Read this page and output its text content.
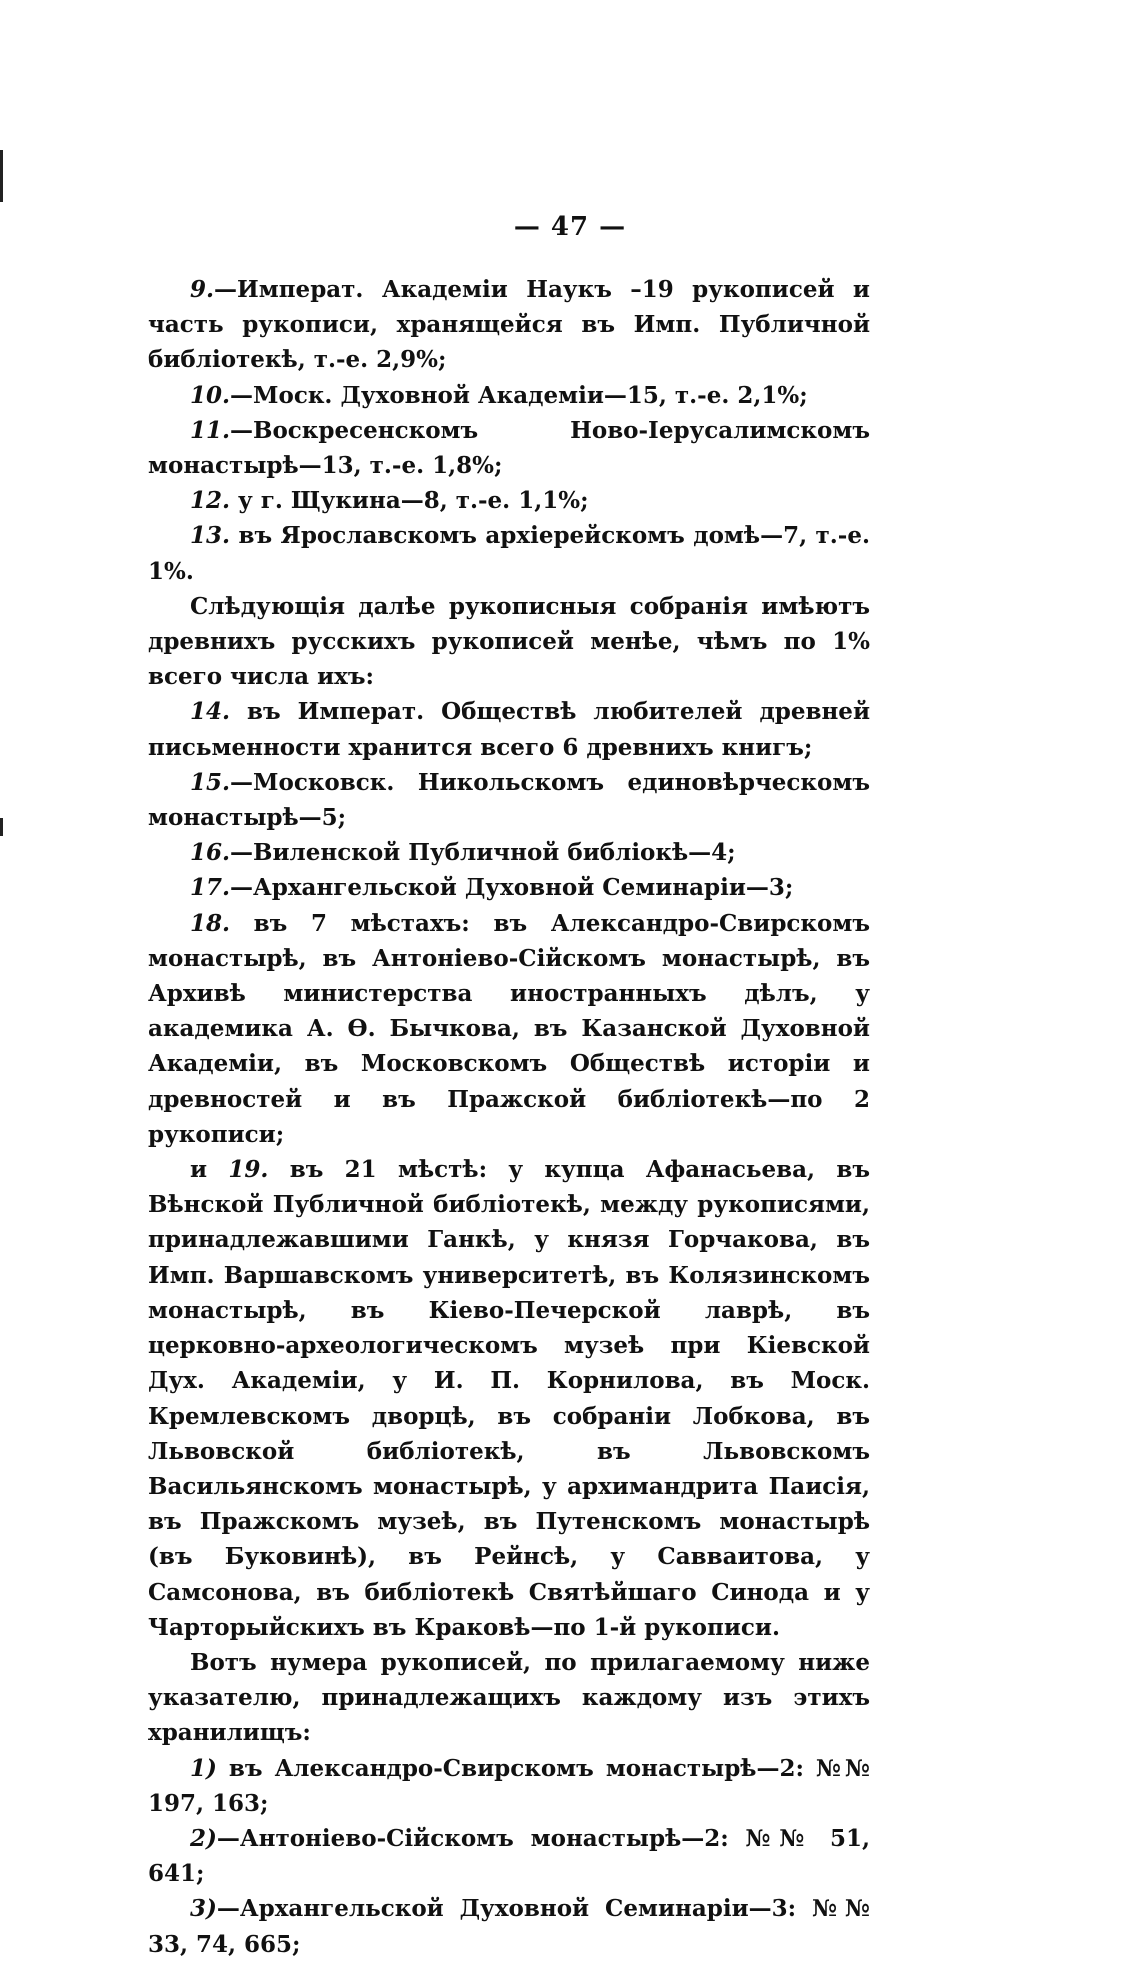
— 47 —

9.—Императ. Академіи Наукъ –19 рукописей и часть рукописи, хранящейся въ Имп. Публичной библіотекѣ, т.-е. 2,9%;

10.—Моск. Духовной Академіи—15, т.-е. 2,1%;

11.—Воскресенскомъ Ново-Іерусалимскомъ монастырѣ—13, т.-е. 1,8%;

12. у г. Щукина—8, т.-е. 1,1%;

13. въ Ярославскомъ архіерейскомъ домѣ—7, т.-е. 1%.

Слѣдующія далѣе рукописныя собранія имѣютъ древнихъ русскихъ рукописей менѣе, чѣмъ по 1% всего числа ихъ:

14. въ Императ. Обществѣ любителей древней письменности хранится всего 6 древнихъ книгъ;

15.—Московск. Никольскомъ единовѣрческомъ монастырѣ—5;

16.—Виленской Публичной библіокѣ—4;

17.—Архангельской Духовной Семинаріи—3;

18. въ 7 мѣстахъ: въ Александро-Свирскомъ монастырѣ, въ Антоніево-Сійскомъ монастырѣ, въ Архивѣ министерства иностранныхъ дѣлъ, у академика А. Ѳ. Бычкова, въ Казанской Духовной Академіи, въ Московскомъ Обществѣ исторіи и древностей и въ Пражской библіотекѣ—по 2 рукописи;

и 19. въ 21 мѣстѣ: у купца Афанасьева, въ Вѣнской Публичной библіотекѣ, между рукописями, принадлежавшими Ганкѣ, у князя Горчакова, въ Имп. Варшавскомъ университетѣ, въ Колязинскомъ монастырѣ, въ Кіево-Печерской лаврѣ, въ церковно-археологическомъ музеѣ при Кіевской Дух. Академіи, у И. П. Корнилова, въ Моск. Кремлевскомъ дворцѣ, въ собраніи Лобкова, въ Львовской библіотекѣ, въ Львовскомъ Васильянскомъ монастырѣ, у архимандрита Паисія, въ Пражскомъ музеѣ, въ Путенскомъ монастырѣ (въ Буковинѣ), въ Рейнсѣ, у Савваитова, у Самсонова, въ библіотекѣ Святѣйшаго Синода и у Чарторыйскихъ въ Краковѣ—по 1-й рукописи.

Вотъ нумера рукописей, по прилагаемому ниже указателю, принадлежащихъ каждому изъ этихъ хранилищъ:

1) въ Александро-Свирскомъ монастырѣ—2: №№ 197, 163;

2)—Антоніево-Сійскомъ монастырѣ—2: №№ 51, 641;

3)—Архангельской Духовной Семинаріи—3: №№ 33, 74, 665;
